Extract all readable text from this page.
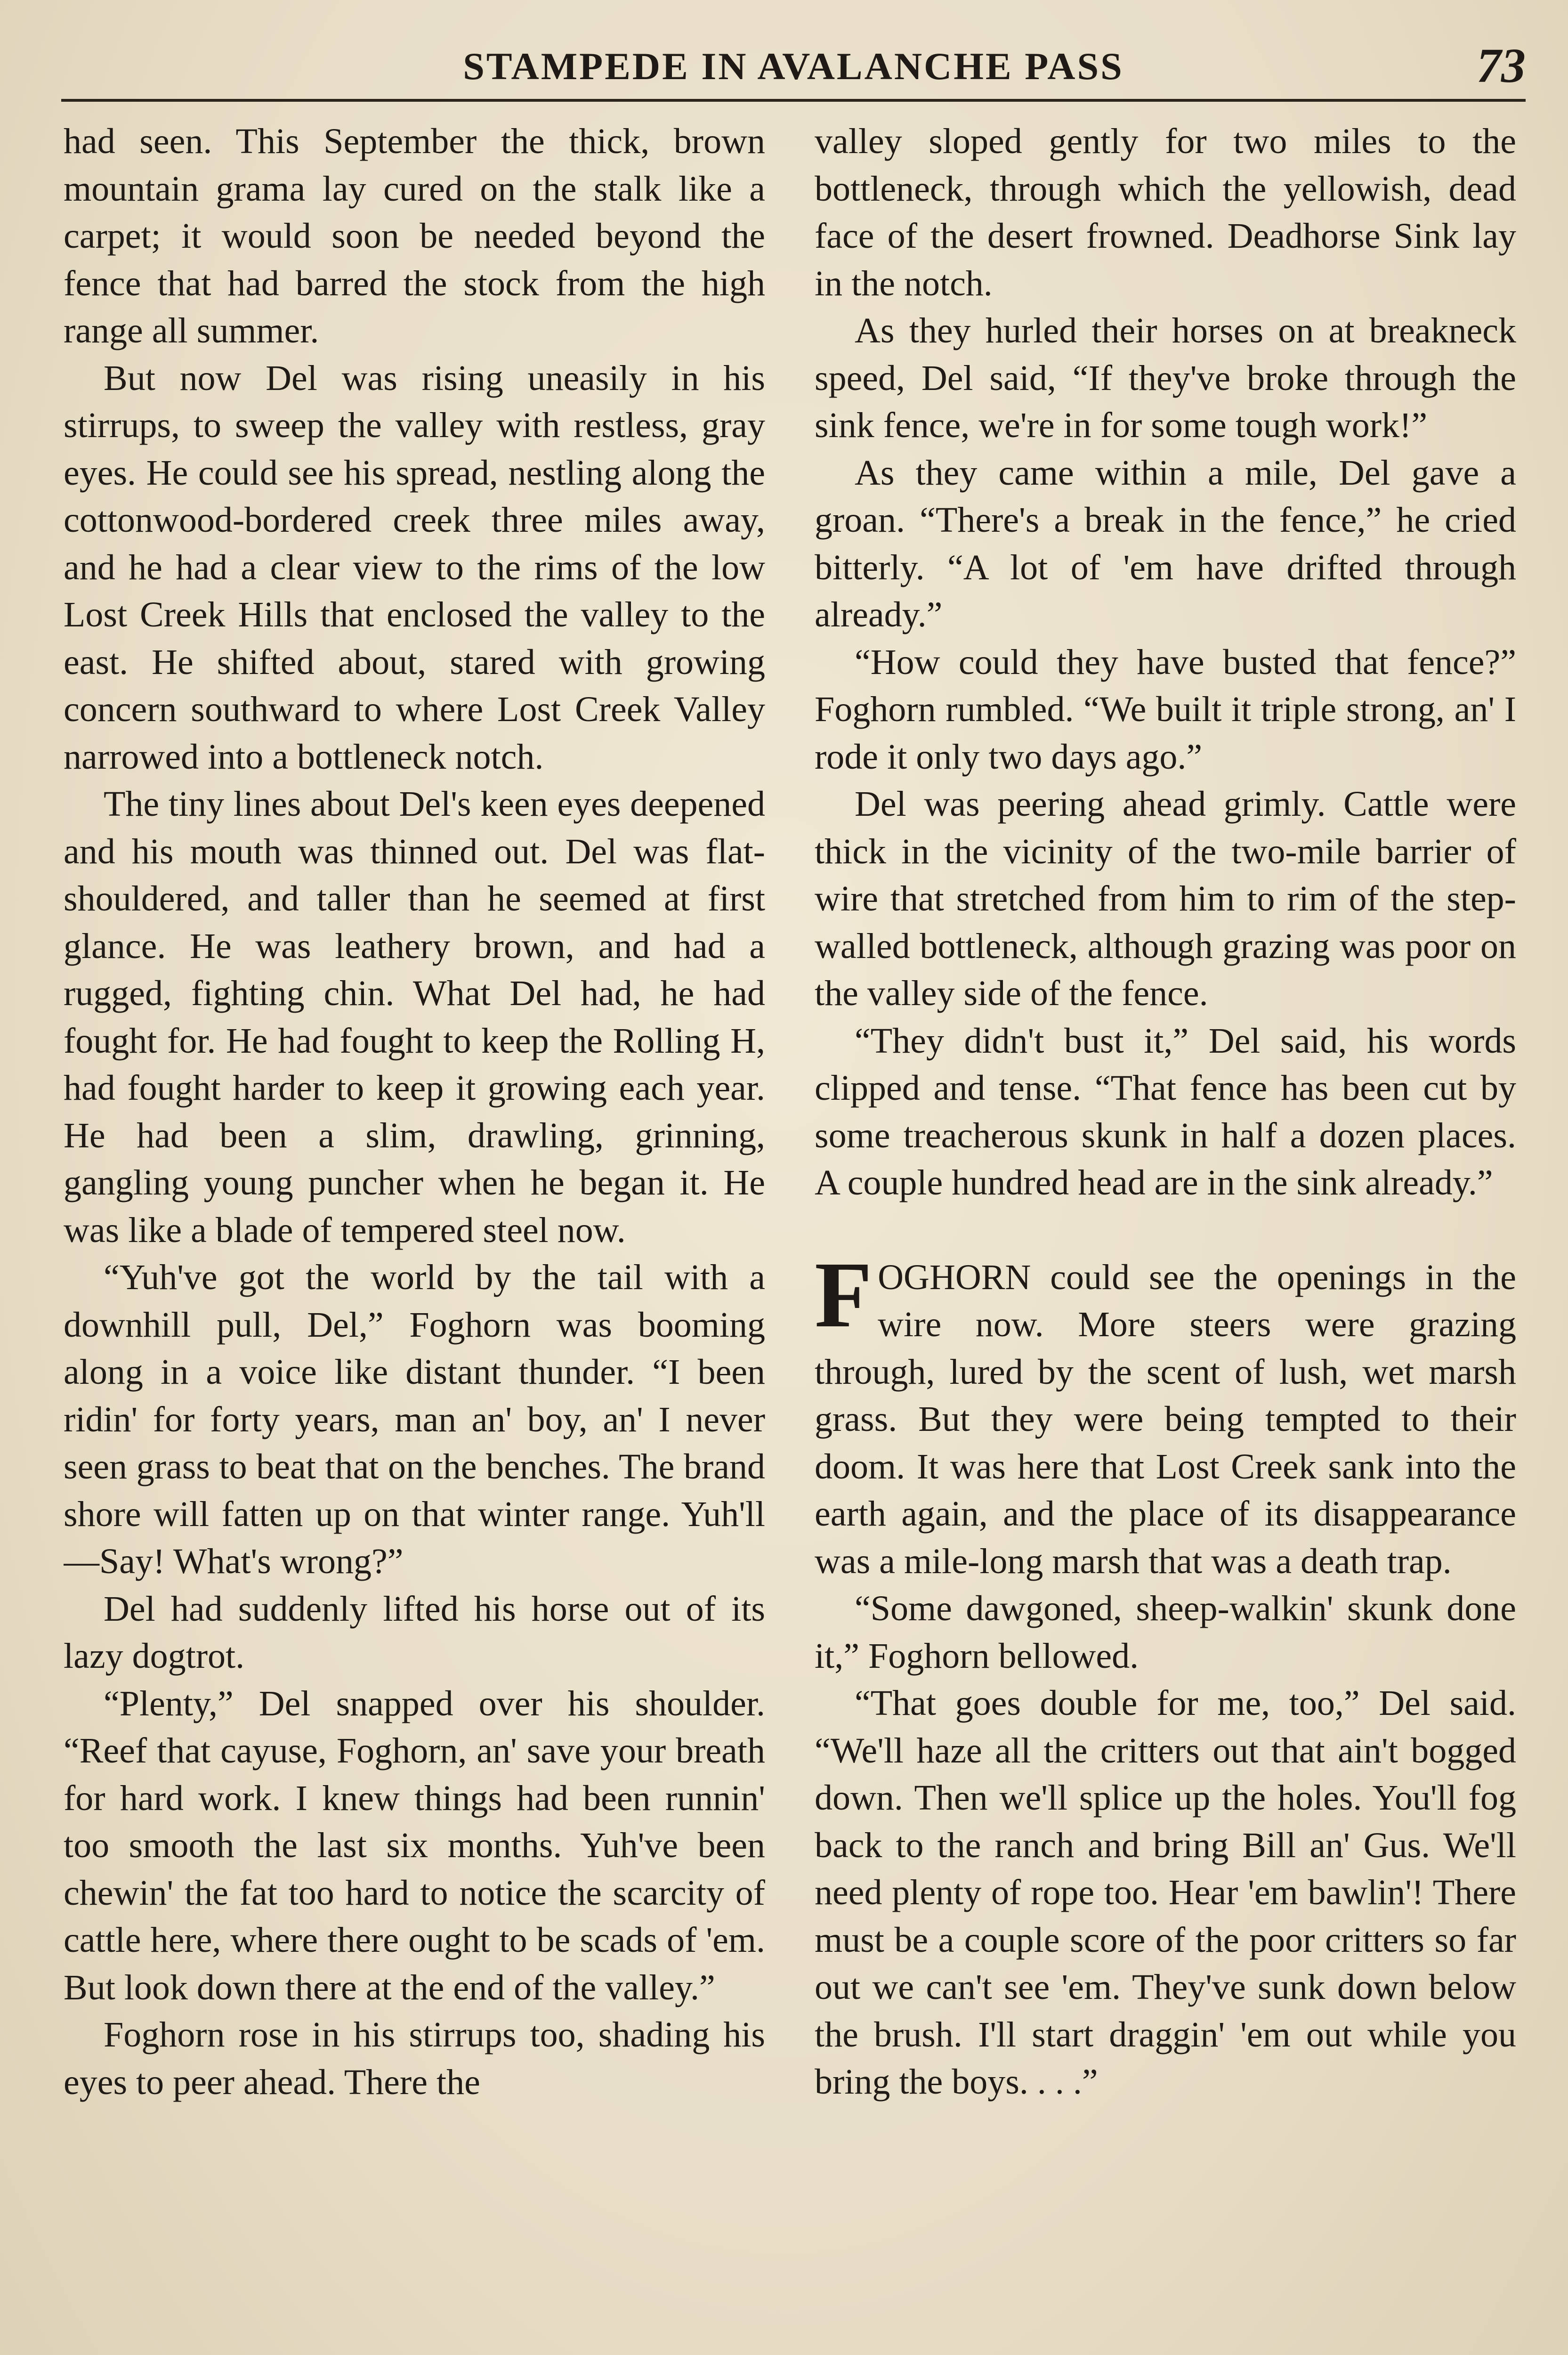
STAMPEDE IN AVALANCHE PASS	73

had seen. This September the thick, brown mountain grama lay cured on the stalk like a carpet; it would soon be needed beyond the fence that had barred the stock from the high range all summer.

But now Del was rising uneasily in his stirrups, to sweep the valley with restless, gray eyes. He could see his spread, nestling along the cottonwood-bordered creek three miles away, and he had a clear view to the rims of the low Lost Creek Hills that enclosed the valley to the east. He shifted about, stared with growing concern southward to where Lost Creek Valley narrowed into a bottleneck notch.

The tiny lines about Del's keen eyes deepened and his mouth was thinned out. Del was flat-shouldered, and taller than he seemed at first glance. He was leathery brown, and had a rugged, fighting chin. What Del had, he had fought for. He had fought to keep the Rolling H, had fought harder to keep it growing each year. He had been a slim, drawling, grinning, gangling young puncher when he began it. He was like a blade of tempered steel now.

“Yuh've got the world by the tail with a downhill pull, Del,” Foghorn was booming along in a voice like distant thunder. “I been ridin' for forty years, man an' boy, an' I never seen grass to beat that on the benches. The brand shore will fatten up on that winter range. Yuh'll—Say! What's wrong?”

Del had suddenly lifted his horse out of its lazy dogtrot.

“Plenty,” Del snapped over his shoulder. “Reef that cayuse, Foghorn, an' save your breath for hard work. I knew things had been runnin' too smooth the last six months. Yuh've been chewin' the fat too hard to notice the scarcity of cattle here, where there ought to be scads of 'em. But look down there at the end of the valley.”

Foghorn rose in his stirrups too, shading his eyes to peer ahead. There the

valley sloped gently for two miles to the bottleneck, through which the yellowish, dead face of the desert frowned. Deadhorse Sink lay in the notch.

As they hurled their horses on at breakneck speed, Del said, “If they've broke through the sink fence, we're in for some tough work!”

As they came within a mile, Del gave a groan. “There's a break in the fence,” he cried bitterly. “A lot of 'em have drifted through already.”

“How could they have busted that fence?” Foghorn rumbled. “We built it triple strong, an' I rode it only two days ago.”

Del was peering ahead grimly. Cattle were thick in the vicinity of the two-mile barrier of wire that stretched from him to rim of the step-walled bottleneck, although grazing was poor on the valley side of the fence.

“They didn't bust it,” Del said, his words clipped and tense. “That fence has been cut by some treacherous skunk in half a dozen places. A couple hundred head are in the sink already.”

FOGHORN could see the openings in the wire now. More steers were grazing through, lured by the scent of lush, wet marsh grass. But they were being tempted to their doom. It was here that Lost Creek sank into the earth again, and the place of its disappearance was a mile-long marsh that was a death trap.

“Some dawgoned, sheep-walkin' skunk done it,” Foghorn bellowed.

“That goes double for me, too,” Del said. “We'll haze all the critters out that ain't bogged down. Then we'll splice up the holes. You'll fog back to the ranch and bring Bill an' Gus. We'll need plenty of rope too. Hear 'em bawlin'! There must be a couple score of the poor critters so far out we can't see 'em. They've sunk down below the brush. I'll start draggin' 'em out while you bring the boys. . . .”
